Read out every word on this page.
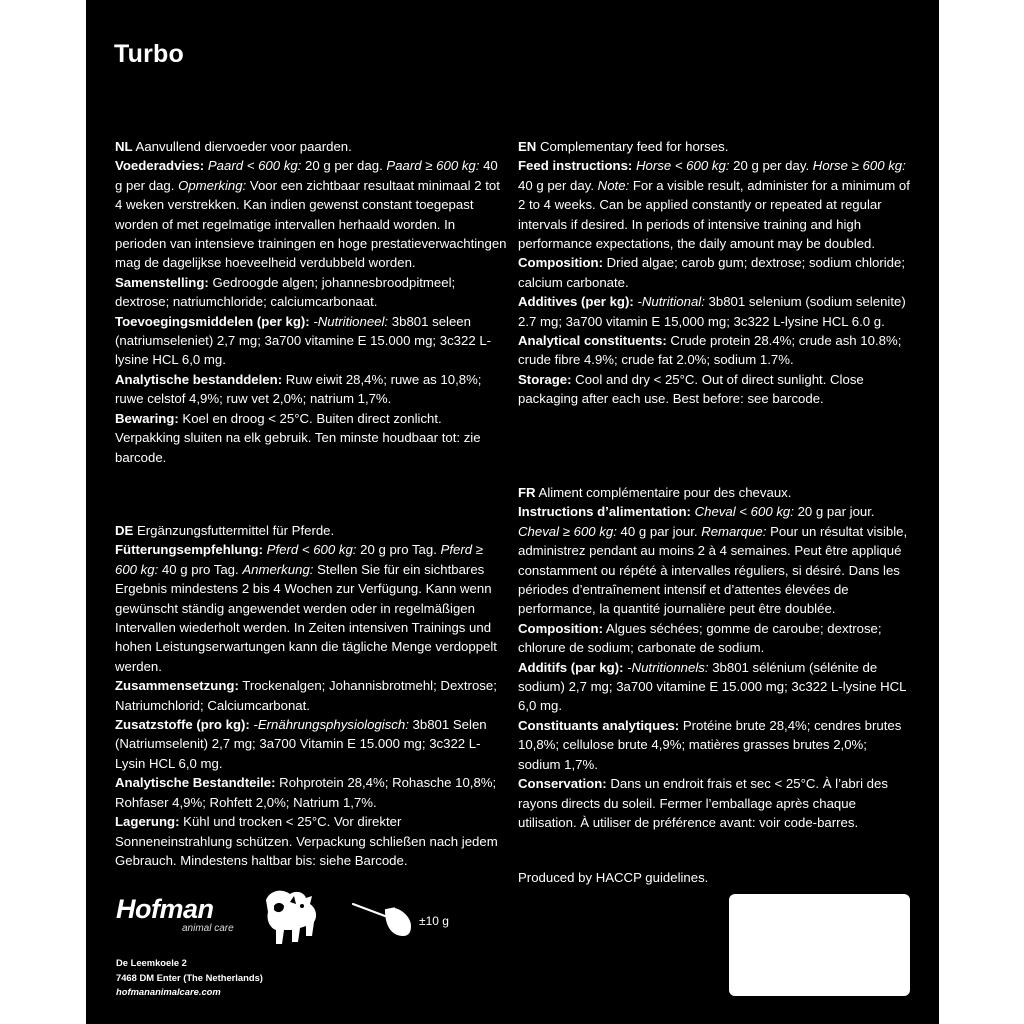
Turbo

NL Aanvullend diervoeder voor paarden.

Voederadvies: Paard < 600 kg: 20 g per dag. Paard ≥ 600 kg: 40 g per dag. Opmerking: Voor een zichtbaar resultaat minimaal 2 tot 4 weken verstrekken. Kan indien gewenst constant toegepast worden of met regelmatige intervallen herhaald worden. In perioden van intensieve trainingen en hoge prestatieverwachtingen mag de dagelijkse hoeveelheid verdubbeld worden.

Samenstelling: Gedroogde algen; johannesbroodpitmeel; dextrose; natriumchloride; calciumcarbonaat.

Toevoegingsmiddelen (per kg): -Nutritioneel: 3b801 seleen (natriumseleniet) 2,7 mg; 3a700 vitamine E 15.000 mg; 3c322 L-lysine HCL 6,0 mg.

Analytische bestanddelen: Ruw eiwit 28,4%; ruwe as 10,8%; ruwe celstof 4,9%; ruw vet 2,0%; natrium 1,7%.

Bewaring: Koel en droog < 25°C. Buiten direct zonlicht. Verpakking sluiten na elk gebruik. Ten minste houdbaar tot: zie barcode.

EN Complementary feed for horses.

Feed instructions: Horse < 600 kg: 20 g per day. Horse ≥ 600 kg: 40 g per day. Note: For a visible result, administer for a minimum of 2 to 4 weeks. Can be applied constantly or repeated at regular intervals if desired. In periods of intensive training and high performance expectations, the daily amount may be doubled.

Composition: Dried algae; carob gum; dextrose; sodium chloride; calcium carbonate.

Additives (per kg): -Nutritional: 3b801 selenium (sodium selenite) 2.7 mg; 3a700 vitamin E 15,000 mg; 3c322 L-lysine HCL 6.0 g.

Analytical constituents: Crude protein 28.4%; crude ash 10.8%; crude fibre 4.9%; crude fat 2.0%; sodium 1.7%.

Storage: Cool and dry < 25°C. Out of direct sunlight. Close packaging after each use. Best before: see barcode.

DE Ergänzungsfuttermittel für Pferde.

Fütterungsempfehlung: Pferd < 600 kg: 20 g pro Tag. Pferd ≥ 600 kg: 40 g pro Tag. Anmerkung: Stellen Sie für ein sichtbares Ergebnis mindestens 2 bis 4 Wochen zur Verfügung. Kann wenn gewünscht ständig angewendet werden oder in regelmäßigen Intervallen wiederholt werden. In Zeiten intensiven Trainings und hohen Leistungserwartungen kann die tägliche Menge verdoppelt werden.

Zusammensetzung: Trockenalgen; Johannisbrotmehl; Dextrose; Natriumchlorid; Calciumcarbonat.

Zusatzstoffe (pro kg): -Ernährungsphysiologisch: 3b801 Selen (Natriumselenit) 2,7 mg; 3a700 Vitamin E 15.000 mg; 3c322 L-Lysin HCL 6,0 mg.

Analytische Bestandteile: Rohprotein 28,4%; Rohasche 10,8%; Rohfaser 4,9%; Rohfett 2,0%; Natrium 1,7%.

Lagerung: Kühl und trocken < 25°C. Vor direkter Sonneneinstrahlung schützen. Verpackung schließen nach jedem Gebrauch. Mindestens haltbar bis: siehe Barcode.

FR Aliment complémentaire pour des chevaux.

Instructions d’alimentation: Cheval < 600 kg: 20 g par jour. Cheval ≥ 600 kg: 40 g par jour. Remarque: Pour un résultat visible, administrez pendant au moins 2 à 4 semaines. Peut être appliqué constamment ou répété à intervalles réguliers, si désiré. Dans les périodes d’entraînement intensif et d’attentes élevées de performance, la quantité journalière peut être doublée.

Composition: Algues séchées; gomme de caroube; dextrose; chlorure de sodium; carbonate de sodium.

Additifs (par kg): -Nutritionnels: 3b801 sélénium (sélénite de sodium) 2,7 mg; 3a700 vitamine E 15.000 mg; 3c322 L-lysine HCL 6,0 mg.

Constituants analytiques: Protéine brute 28,4%; cendres brutes 10,8%; cellulose brute 4,9%; matières grasses brutes 2,0%; sodium 1,7%.

Conservation: Dans un endroit frais et sec < 25°C. À l’abri des rayons directs du soleil. Fermer l’emballage après chaque utilisation. À utiliser de préférence avant: voir code-barres.

Produced by HACCP guidelines.
Hofman
animal care
±10 g
De Leemkoele 2
7468 DM Enter (The Netherlands)
hofmananimalcare.com
